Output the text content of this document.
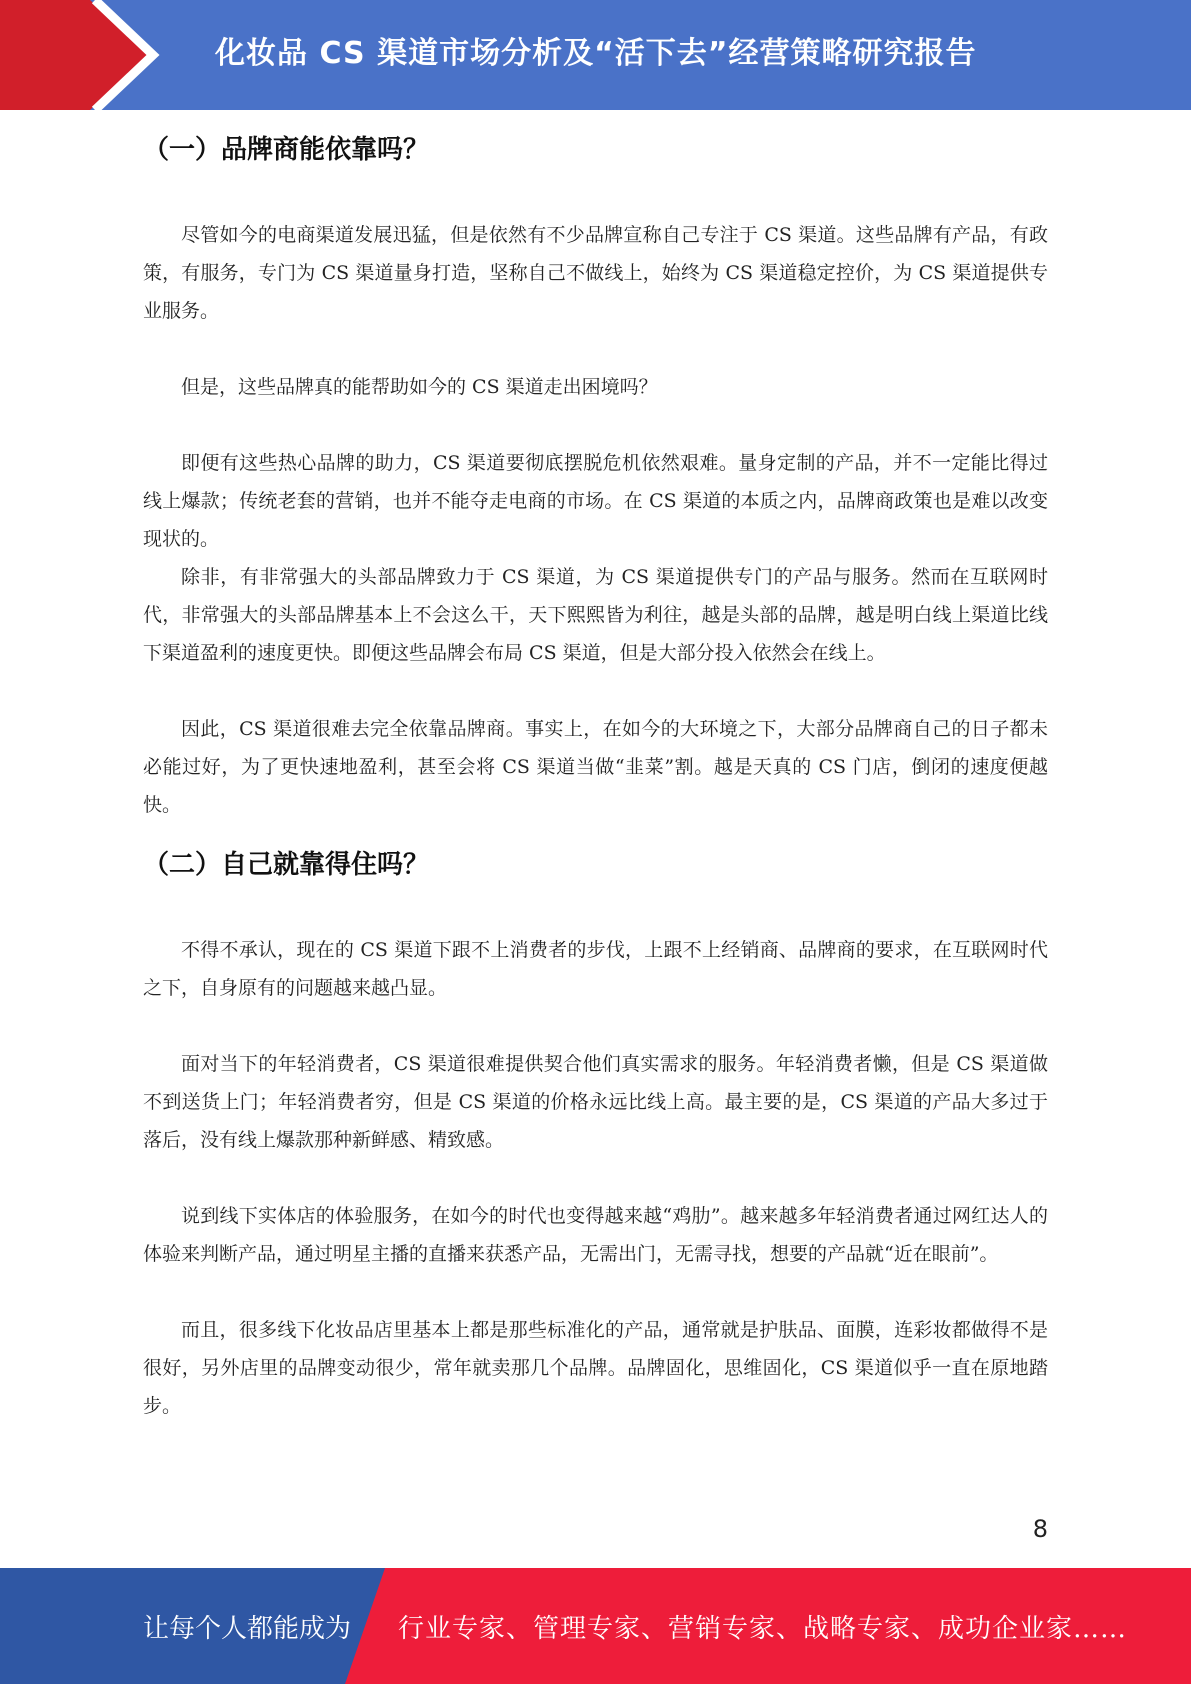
化妆品 CS 渠道市场分析及“活下去”经营策略研究报告
（一）品牌商能依靠吗？

尽管如今的电商渠道发展迅猛，但是依然有不少品牌宣称自己专注于 CS 渠道。这些品牌有产品，有政策，有服务，专门为 CS 渠道量身打造，坚称自己不做线上，始终为 CS 渠道稳定控价，为 CS 渠道提供专业服务。

但是，这些品牌真的能帮助如今的 CS 渠道走出困境吗？

即便有这些热心品牌的助力，CS 渠道要彻底摆脱危机依然艰难。量身定制的产品，并不一定能比得过线上爆款；传统老套的营销，也并不能夺走电商的市场。在 CS 渠道的本质之内，品牌商政策也是难以改变现状的。

除非，有非常强大的头部品牌致力于 CS 渠道，为 CS 渠道提供专门的产品与服务。然而在互联网时代，非常强大的头部品牌基本上不会这么干，天下熙熙皆为利往，越是头部的品牌，越是明白线上渠道比线下渠道盈利的速度更快。即便这些品牌会布局 CS 渠道，但是大部分投入依然会在线上。

因此，CS 渠道很难去完全依靠品牌商。事实上，在如今的大环境之下，大部分品牌商自己的日子都未必能过好，为了更快速地盈利，甚至会将 CS 渠道当做“韭菜”割。越是天真的 CS 门店，倒闭的速度便越快。

（二）自己就靠得住吗？

不得不承认，现在的 CS 渠道下跟不上消费者的步伐，上跟不上经销商、品牌商的要求，在互联网时代之下，自身原有的问题越来越凸显。

面对当下的年轻消费者，CS 渠道很难提供契合他们真实需求的服务。年轻消费者懒，但是 CS 渠道做不到送货上门；年轻消费者穷，但是 CS 渠道的价格永远比线上高。最主要的是，CS 渠道的产品大多过于落后，没有线上爆款那种新鲜感、精致感。

说到线下实体店的体验服务，在如今的时代也变得越来越“鸡肋”。越来越多年轻消费者通过网红达人的体验来判断产品，通过明星主播的直播来获悉产品，无需出门，无需寻找，想要的产品就“近在眼前”。

而且，很多线下化妆品店里基本上都是那些标准化的产品，通常就是护肤品、面膜，连彩妆都做得不是很好，另外店里的品牌变动很少，常年就卖那几个品牌。品牌固化，思维固化，CS 渠道似乎一直在原地踏步。

8
让每个人都能成为 行业专家、管理专家、营销专家、战略专家、成功企业家……
